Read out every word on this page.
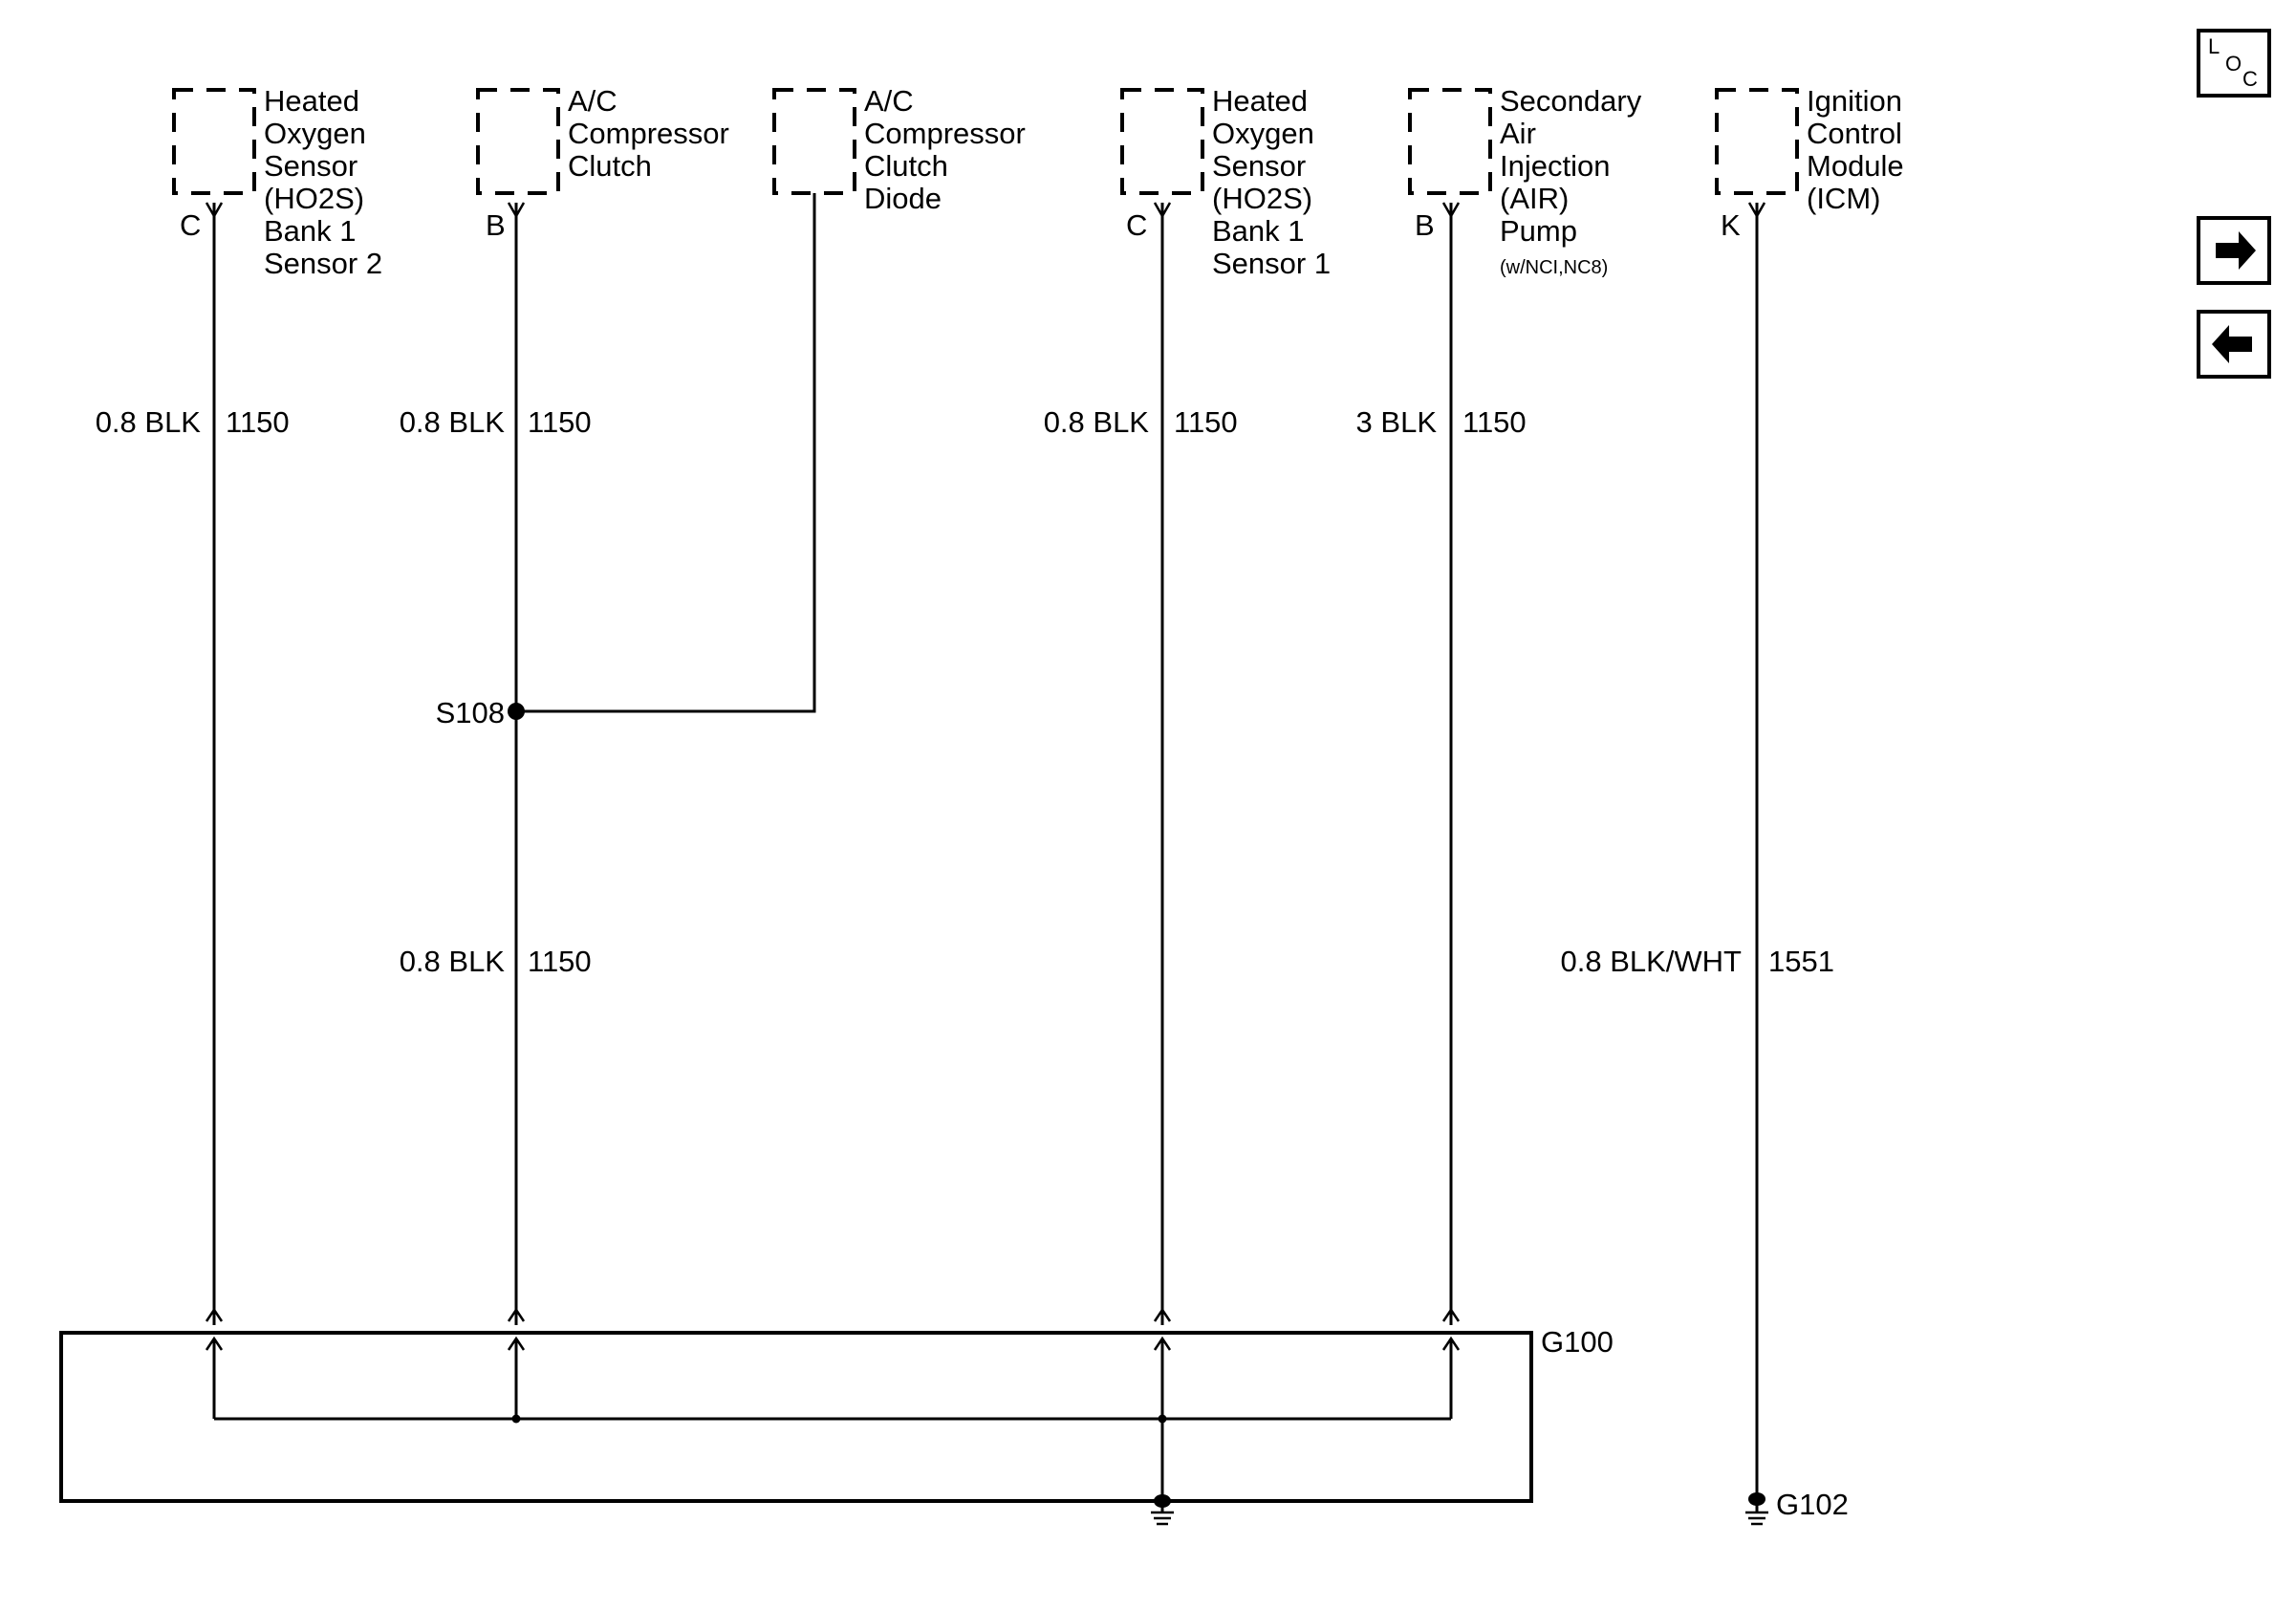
Heated
Oxygen
Sensor
(HO2S)
Bank 1
Sensor 2
C
A/C
Compressor
Clutch
B
A/C
Compressor
Clutch
Diode
Heated
Oxygen
Sensor
(HO2S)
Bank 1
Sensor 1
C
Secondary
Air
Injection
(AIR)
Pump
(w/NCI,NC8)
B
Ignition
Control
Module
(ICM)
K
S108
0.8 BLK 1150	0.8 BLK 1150	0.8 BLK 1150	3 BLK 1150
0.8 BLK 1150	0.8 BLK/WHT 1551
G100
G102
L
O
C
